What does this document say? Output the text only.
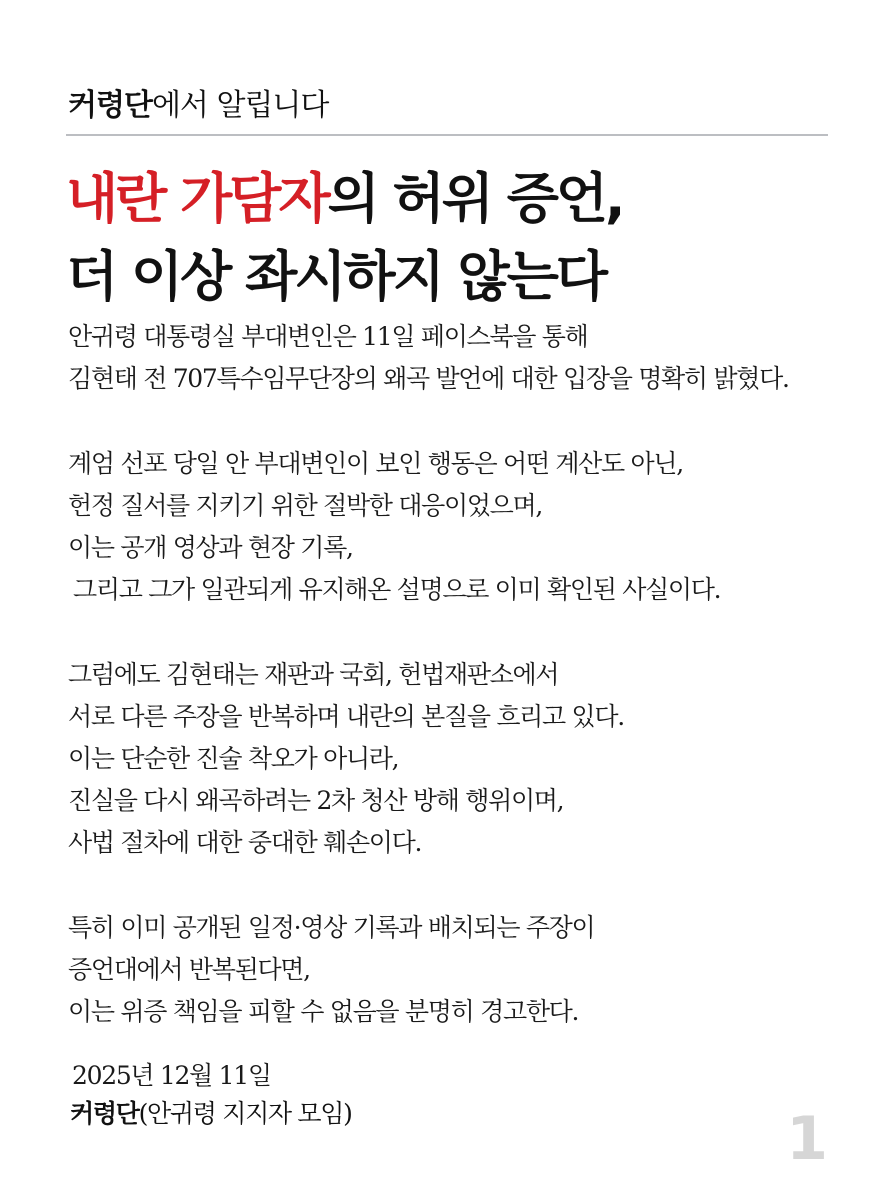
커령단에서 알립니다
내란 가담자의 허위 증언,
더 이상 좌시하지 않는다

안귀령 대통령실 부대변인은 11일 페이스북을 통해
김현태 전 707특수임무단장의 왜곡 발언에 대한 입장을 명확히 밝혔다.

계엄 선포 당일 안 부대변인이 보인 행동은 어떤 계산도 아닌,
헌정 질서를 지키기 위한 절박한 대응이었으며,
이는 공개 영상과 현장 기록,
그리고 그가 일관되게 유지해온 설명으로 이미 확인된 사실이다.

그럼에도 김현태는 재판과 국회, 헌법재판소에서
서로 다른 주장을 반복하며 내란의 본질을 흐리고 있다.
이는 단순한 진술 착오가 아니라,
진실을 다시 왜곡하려는 2차 청산 방해 행위이며,
사법 절차에 대한 중대한 훼손이다.

특히 이미 공개된 일정·영상 기록과 배치되는 주장이
증언대에서 반복된다면,
이는 위증 책임을 피할 수 없음을 분명히 경고한다.

2025년 12월 11일
커령단(안귀령 지지자 모임)	1
